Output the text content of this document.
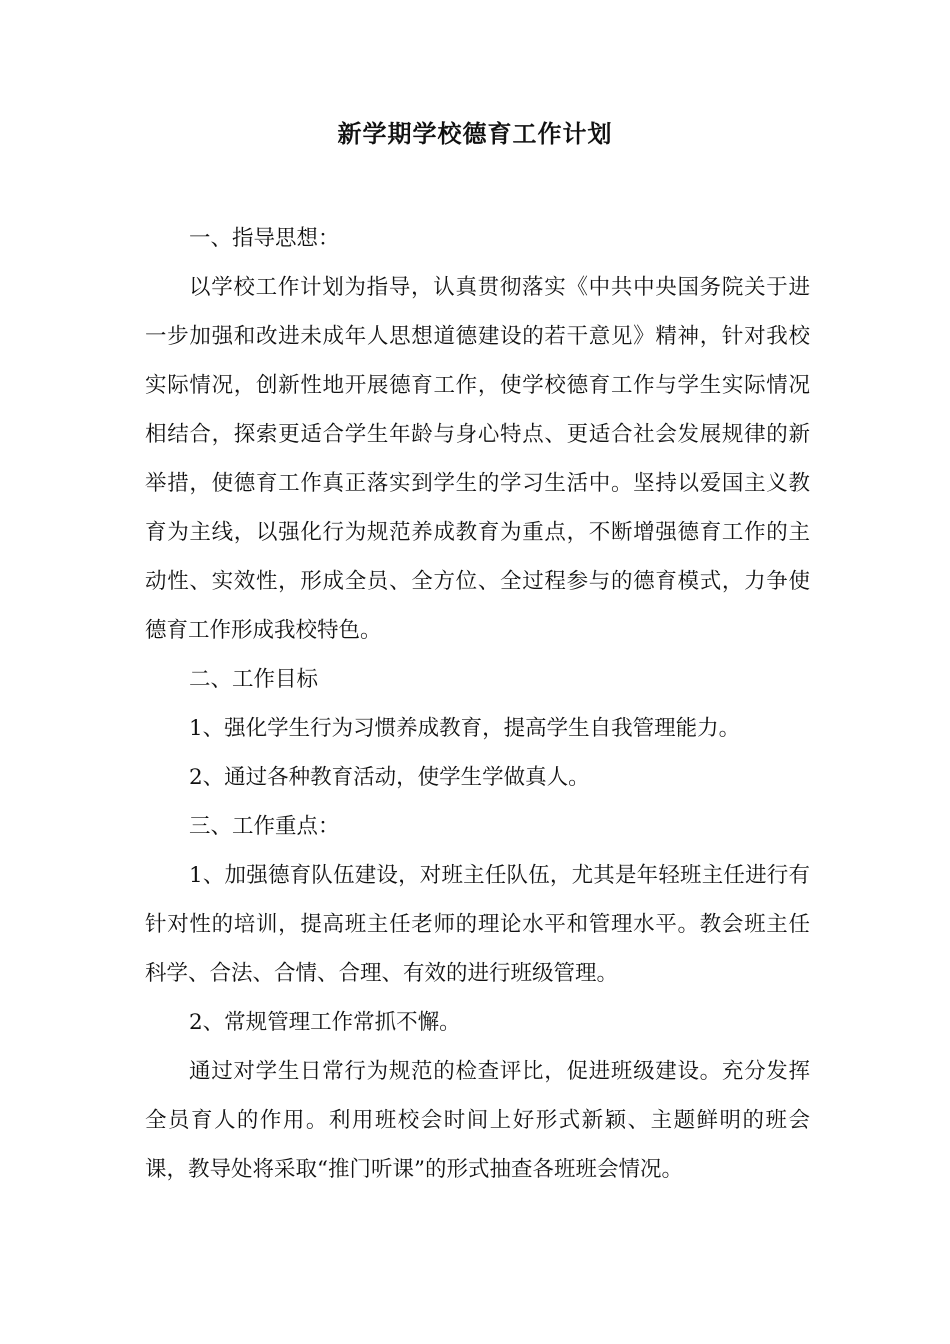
新学期学校德育工作计划

一、指导思想：

以学校工作计划为指导，认真贯彻落实《中共中央国务院关于进一步加强和改进未成年人思想道德建设的若干意见》精神，针对我校实际情况，创新性地开展德育工作，使学校德育工作与学生实际情况相结合，探索更适合学生年龄与身心特点、更适合社会发展规律的新举措，使德育工作真正落实到学生的学习生活中。坚持以爱国主义教育为主线，以强化行为规范养成教育为重点，不断增强德育工作的主动性、实效性，形成全员、全方位、全过程参与的德育模式，力争使德育工作形成我校特色。

二、工作目标

1、强化学生行为习惯养成教育，提高学生自我管理能力。

2、通过各种教育活动，使学生学做真人。

三、工作重点：

1、加强德育队伍建设，对班主任队伍，尤其是年轻班主任进行有针对性的培训，提高班主任老师的理论水平和管理水平。教会班主任科学、合法、合情、合理、有效的进行班级管理。

2、常规管理工作常抓不懈。

通过对学生日常行为规范的检查评比，促进班级建设。充分发挥全员育人的作用。利用班校会时间上好形式新颖、主题鲜明的班会课，教导处将采取“推门听课”的形式抽查各班班会情况。
